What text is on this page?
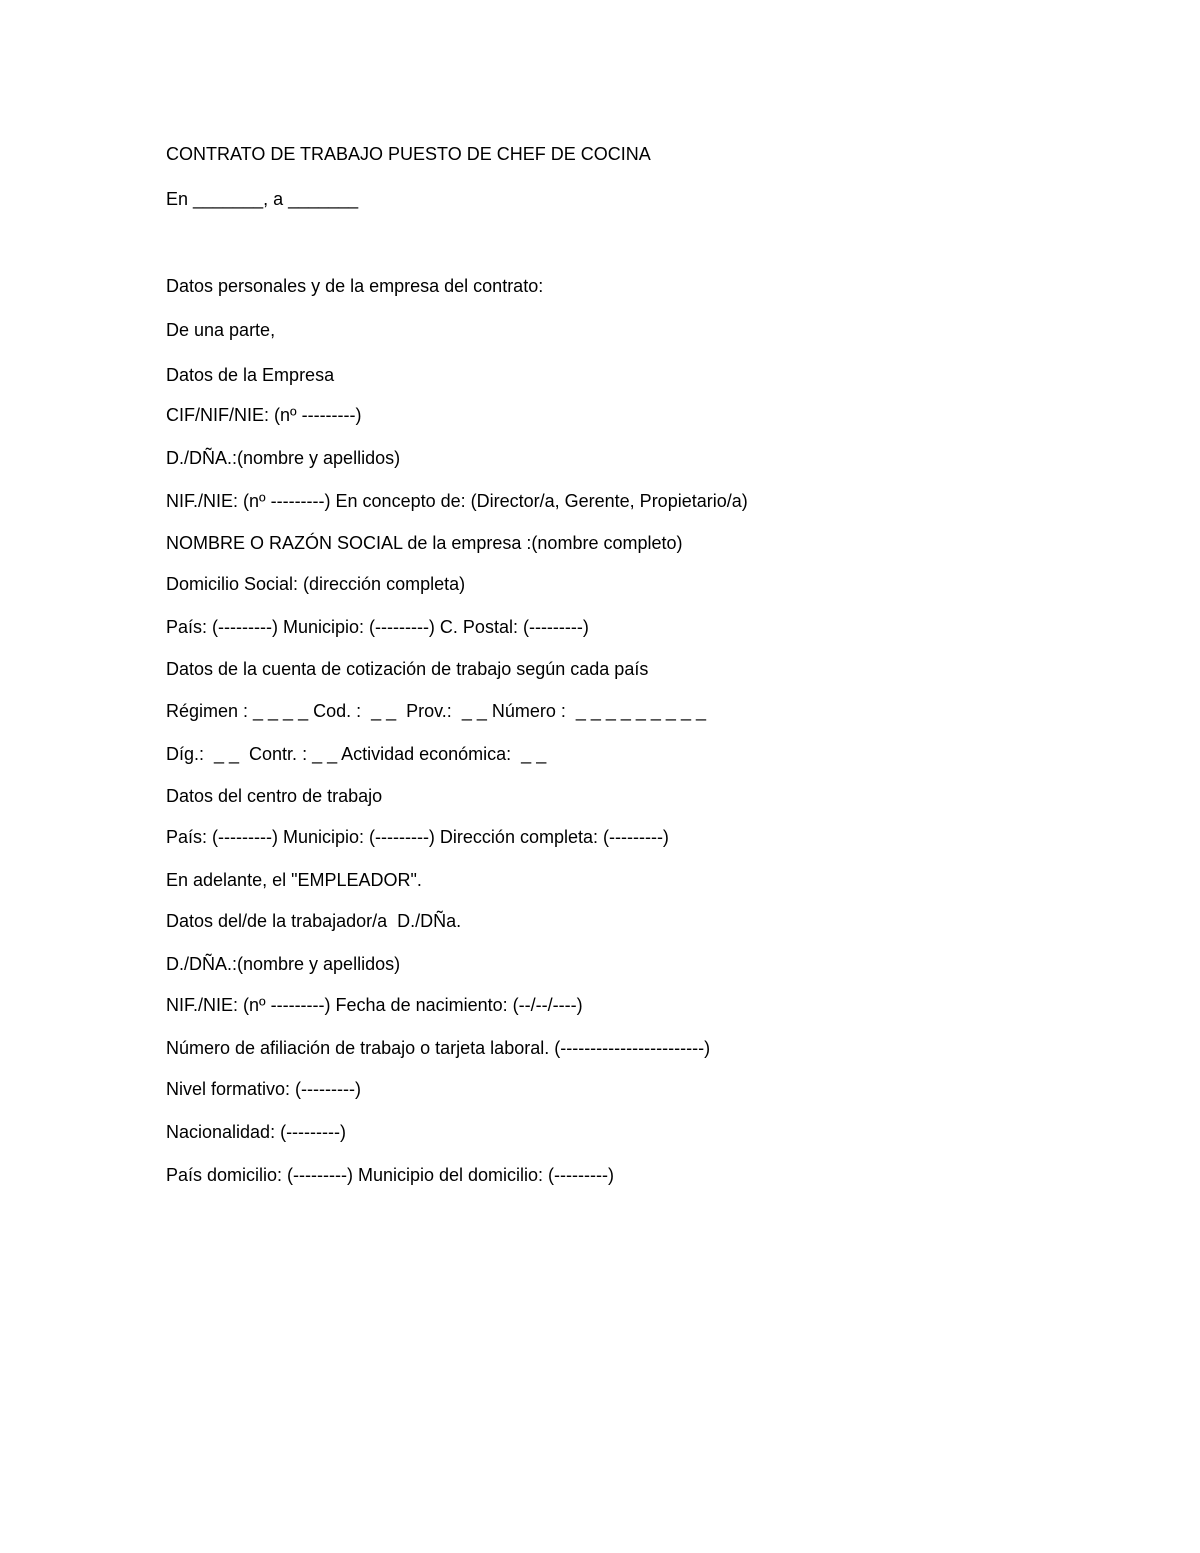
CONTRATO DE TRABAJO PUESTO DE CHEF DE COCINA

En _______, a _______

Datos personales y de la empresa del contrato:

De una parte,

Datos de la Empresa

CIF/NIF/NIE: (nº ---------)

D./DÑA.:(nombre y apellidos)

NIF./NIE: (nº ---------) En concepto de: (Director/a, Gerente, Propietario/a)

NOMBRE O RAZÓN SOCIAL de la empresa :(nombre completo)

Domicilio Social: (dirección completa)

País: (---------) Municipio: (---------) C. Postal: (---------)

Datos de la cuenta de cotización de trabajo según cada país

Régimen : _ _ _ _ Cod. :  _ _  Prov.:  _ _ Número :  _ _ _ _ _ _ _ _ _

Díg.:  _ _  Contr. : _ _ Actividad económica:  _ _

Datos del centro de trabajo

País: (---------) Municipio: (---------) Dirección completa: (---------)

En adelante, el "EMPLEADOR".

Datos del/de la trabajador/a  D./DÑa.

D./DÑA.:(nombre y apellidos)

NIF./NIE: (nº ---------) Fecha de nacimiento: (--/--/----)

Número de afiliación de trabajo o tarjeta laboral. (------------------------)

Nivel formativo: (---------)

Nacionalidad: (---------)

País domicilio: (---------) Municipio del domicilio: (---------)
